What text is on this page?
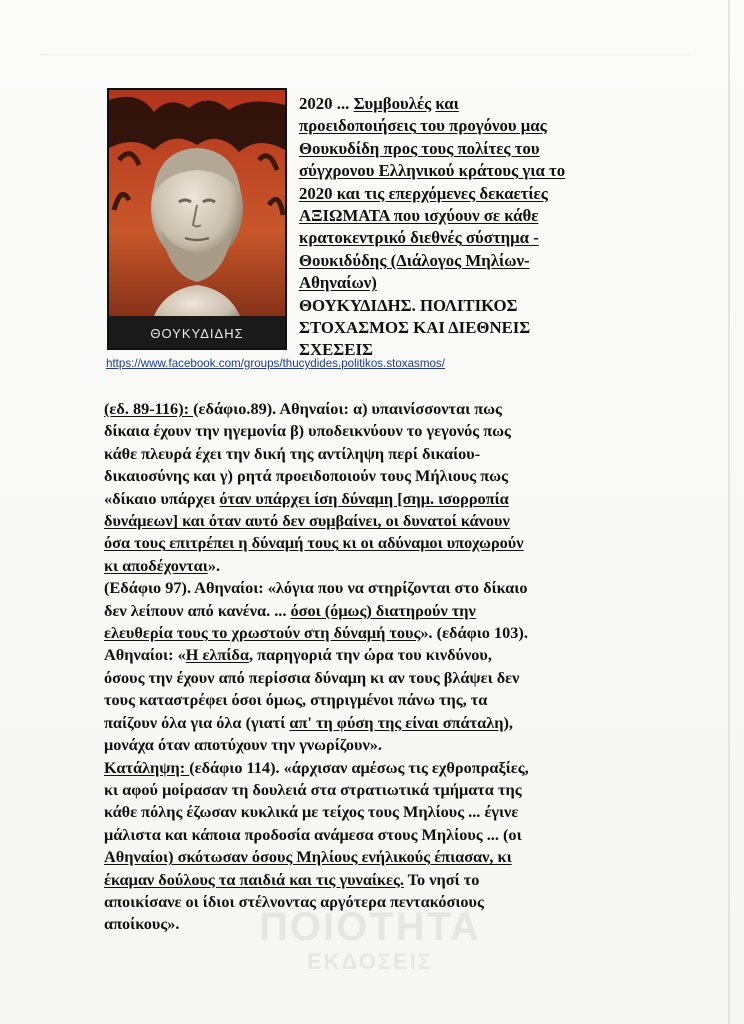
ΘΟΥΚΥΔΙΔΗΣ
2020 ... Συμβουλές και
προειδοποιήσεις του προγόνου μας
Θουκυδίδη προς τους πολίτες του
σύγχρονου Ελληνικού κράτους για το
2020 και τις επερχόμενες δεκαετίες
ΑΞΙΩΜΑΤΑ που ισχύουν σε κάθε
κρατοκεντρικό διεθνές σύστημα -
Θουκιδύδης (Διάλογος Μηλίων-
Αθηναίων)
ΘΟΥΚΥΔΙΔΗΣ. ΠΟΛΙΤΙΚΟΣ
ΣΤΟΧΑΣΜΟΣ ΚΑΙ ΔΙΕΘΝΕΙΣ
ΣΧΕΣΕΙΣ
https://www.facebook.com/groups/thucydides.politikos.stoxasmos/
(εδ. 89-116): (εδάφιο.89). Αθηναίοι: α) υπαινίσσονται πως
δίκαια έχουν την ηγεμονία β) υποδεικνύουν το γεγονός πως
κάθε πλευρά έχει την δική της αντίληψη περί δικαίου-
δικαιοσύνης και γ) ρητά προειδοποιούν τους Μήλιους πως
«δίκαιο υπάρχει όταν υπάρχει ίση δύναμη [σημ. ισορροπία
δυνάμεων] και όταν αυτό δεν συμβαίνει, οι δυνατοί κάνουν
όσα τους επιτρέπει η δύναμή τους κι οι αδύναμοι υποχωρούν
κι αποδέχονται».
(Εδάφιο 97). Αθηναίοι: «λόγια που να στηρίζονται στο δίκαιο
δεν λείπουν από κανένα. ... όσοι (όμως) διατηρούν την
ελευθερία τους το χρωστούν στη δύναμή τους». (εδάφιο 103).
Αθηναίοι: «Η ελπίδα, παρηγοριά την ώρα του κινδύνου,
όσους την έχουν από περίσσια δύναμη κι αν τους βλάψει δεν
τους καταστρέφει όσοι όμως, στηριγμένοι πάνω της, τα
παίζουν όλα για όλα (γιατί απ' τη φύση της είναι σπάταλη),
μονάχα όταν αποτύχουν την γνωρίζουν».
Κατάληψη: (εδάφιο 114). «άρχισαν αμέσως τις εχθροπραξίες,
κι αφού μοίρασαν τη δουλειά στα στρατιωτικά τμήματα της
κάθε πόλης έζωσαν κυκλικά με τείχος τους Μηλίους ... έγινε
μάλιστα και κάποια προδοσία ανάμεσα στους Μηλίους ... (οι
Αθηναίοι) σκότωσαν όσους Μηλίους ενήλικούς έπιασαν, κι
έκαμαν δούλους τα παιδιά και τις γυναίκες. Το νησί το
αποικίσανε οι ίδιοι στέλνοντας αργότερα πεντακόσιους
αποίκους».	ΠΟΙΟΤΗΤΑ
ΕΚΔΟΣΕΙΣ
